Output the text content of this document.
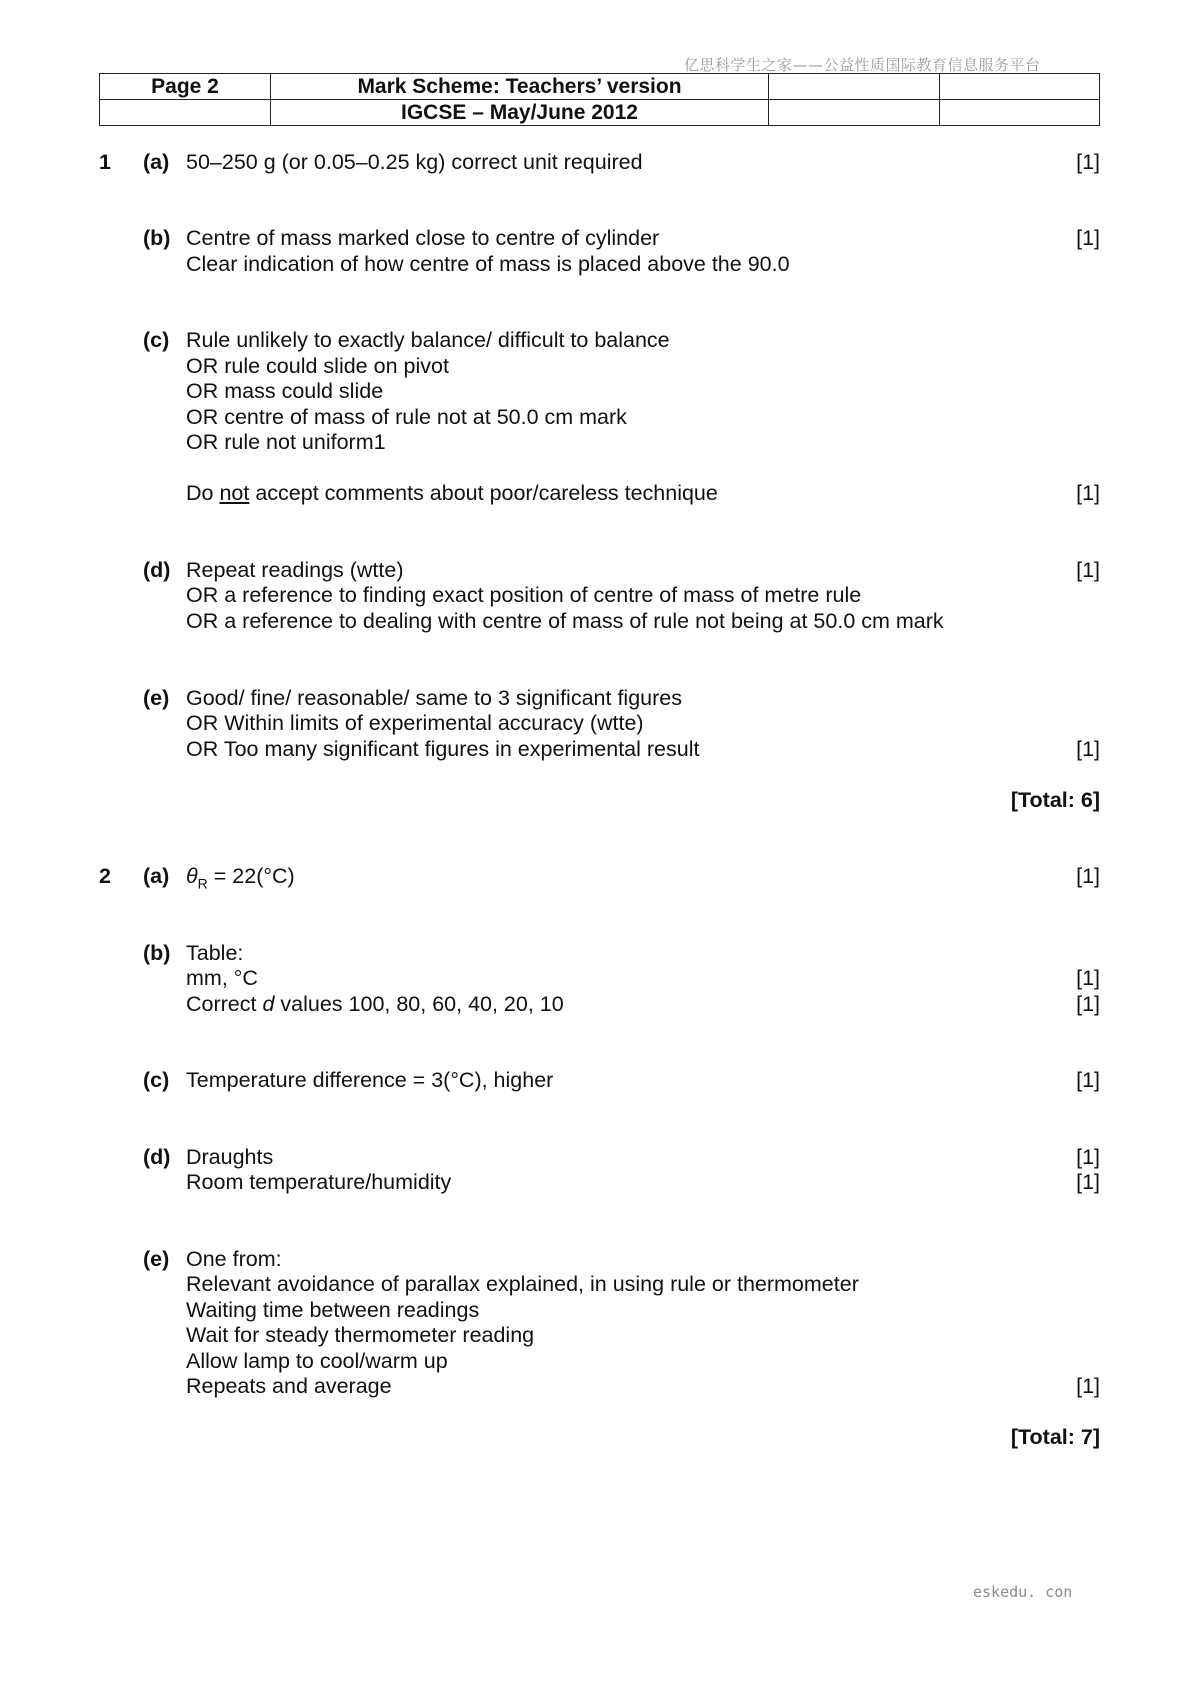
亿思科学生之家——公益性质国际教育信息服务平台
Page 2	Mark Scheme: Teachers’ version		
	IGCSE – May/June 2012		
1 (a) 50–250 g (or 0.05–0.25 kg) correct unit required	[1]
(b) Centre of mass marked close to centre of cylinder	[1]
Clear indication of how centre of mass is placed above the 90.0
(c) Rule unlikely to exactly balance/ difficult to balance
OR rule could slide on pivot
OR mass could slide
OR centre of mass of rule not at 50.0 cm mark
OR rule not uniform1
Do not accept comments about poor/careless technique	[1]
(d) Repeat readings (wtte)	[1]
OR a reference to finding exact position of centre of mass of metre rule
OR a reference to dealing with centre of mass of rule not being at 50.0 cm mark
(e) Good/ fine/ reasonable/ same to 3 significant figures
OR Within limits of experimental accuracy (wtte)
OR Too many significant figures in experimental result	[1]
[Total: 6]
2 (a) $\theta_R = 22(^\circ C)$	[1]
(b) Table:
mm, °C	[1]
Correct d values 100, 80, 60, 40, 20, 10	[1]
(c) Temperature difference = 3(°C), higher	[1]
(d) Draughts	[1]
Room temperature/humidity	[1]
(e) One from:
Relevant avoidance of parallax explained, in using rule or thermometer
Waiting time between readings
Wait for steady thermometer reading
Allow lamp to cool/warm up
Repeats and average	[1]
[Total: 7]
eskedu. con
